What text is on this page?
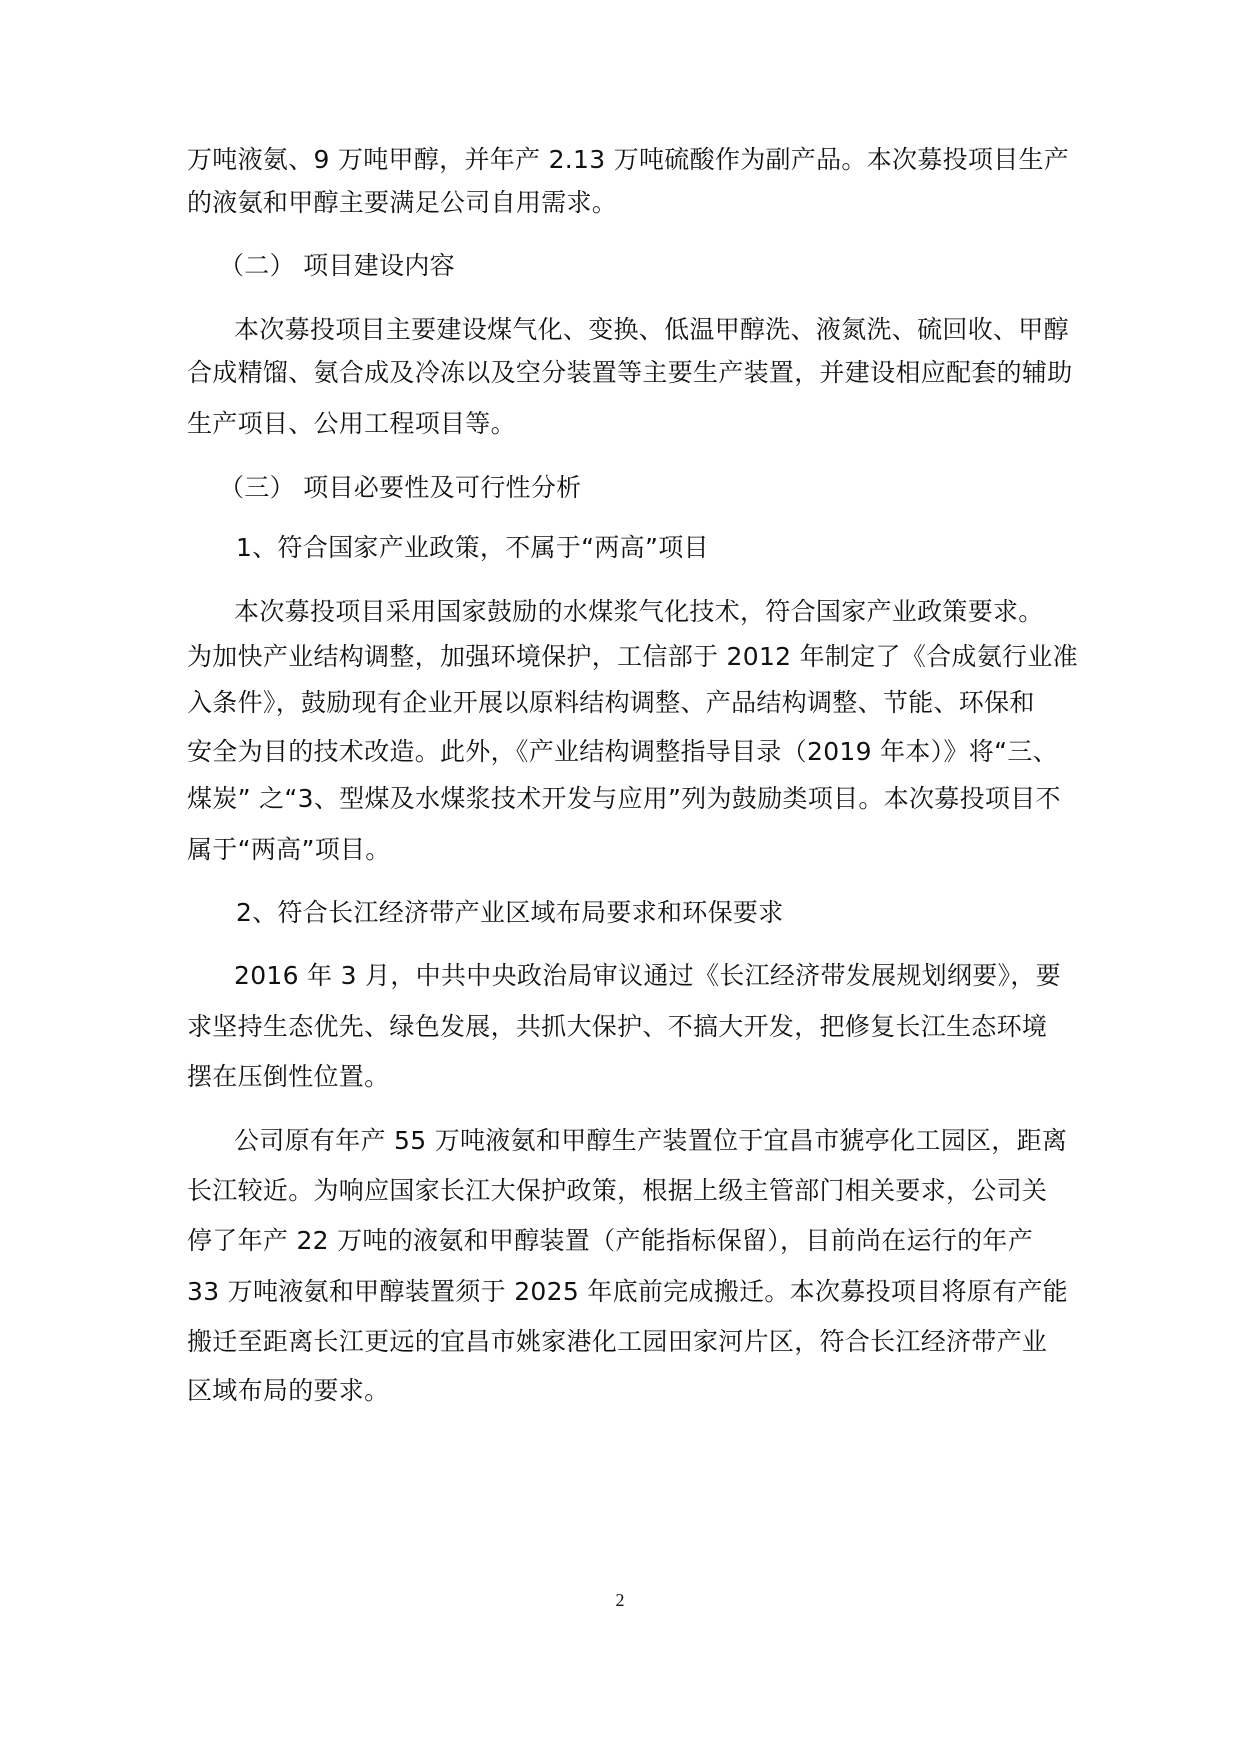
万吨液氨、9 万吨甲醇，并年产 2.13 万吨硫酸作为副产品。本次募投项目生产
的液氨和甲醇主要满足公司自用需求。
（二） 项目建设内容
本次募投项目主要建设煤气化、变换、低温甲醇洗、液氮洗、硫回收、甲醇
合成精馏、氨合成及冷冻以及空分装置等主要生产装置，并建设相应配套的辅助
生产项目、公用工程项目等。
（三） 项目必要性及可行性分析
1、符合国家产业政策，不属于“两高”项目
本次募投项目采用国家鼓励的水煤浆气化技术，符合国家产业政策要求。
为加快产业结构调整，加强环境保护，工信部于 2012 年制定了《合成氨行业准
入条件》，鼓励现有企业开展以原料结构调整、产品结构调整、节能、环保和
安全为目的技术改造。此外，《产业结构调整指导目录（2019 年本）》将“三、
煤炭” 之“3、型煤及水煤浆技术开发与应用”列为鼓励类项目。本次募投项目不
属于“两高”项目。
2、符合长江经济带产业区域布局要求和环保要求
2016 年 3 月，中共中央政治局审议通过《长江经济带发展规划纲要》，要
求坚持生态优先、绿色发展，共抓大保护、不搞大开发，把修复长江生态环境
摆在压倒性位置。
公司原有年产 55 万吨液氨和甲醇生产装置位于宜昌市猇亭化工园区，距离
长江较近。为响应国家长江大保护政策，根据上级主管部门相关要求，公司关
停了年产 22 万吨的液氨和甲醇装置（产能指标保留），目前尚在运行的年产
33 万吨液氨和甲醇装置须于 2025 年底前完成搬迁。本次募投项目将原有产能
搬迁至距离长江更远的宜昌市姚家港化工园田家河片区，符合长江经济带产业
区域布局的要求。
2
